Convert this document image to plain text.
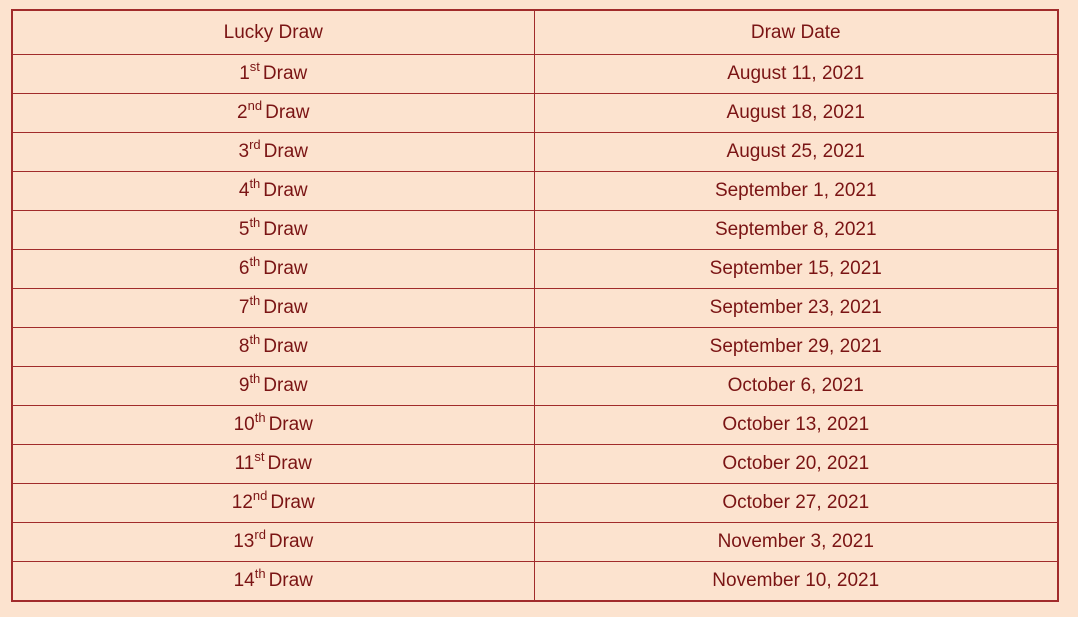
Lucky Draw	Draw Date
1st Draw	August 11, 2021
2nd Draw	August 18, 2021
3rd Draw	August 25, 2021
4th Draw	September 1, 2021
5th Draw	September 8, 2021
6th Draw	September 15, 2021
7th Draw	September 23, 2021
8th Draw	September 29, 2021
9th Draw	October 6, 2021
10th Draw	October 13, 2021
11st Draw	October 20, 2021
12nd Draw	October 27, 2021
13rd Draw	November 3, 2021
14th Draw	November 10, 2021
